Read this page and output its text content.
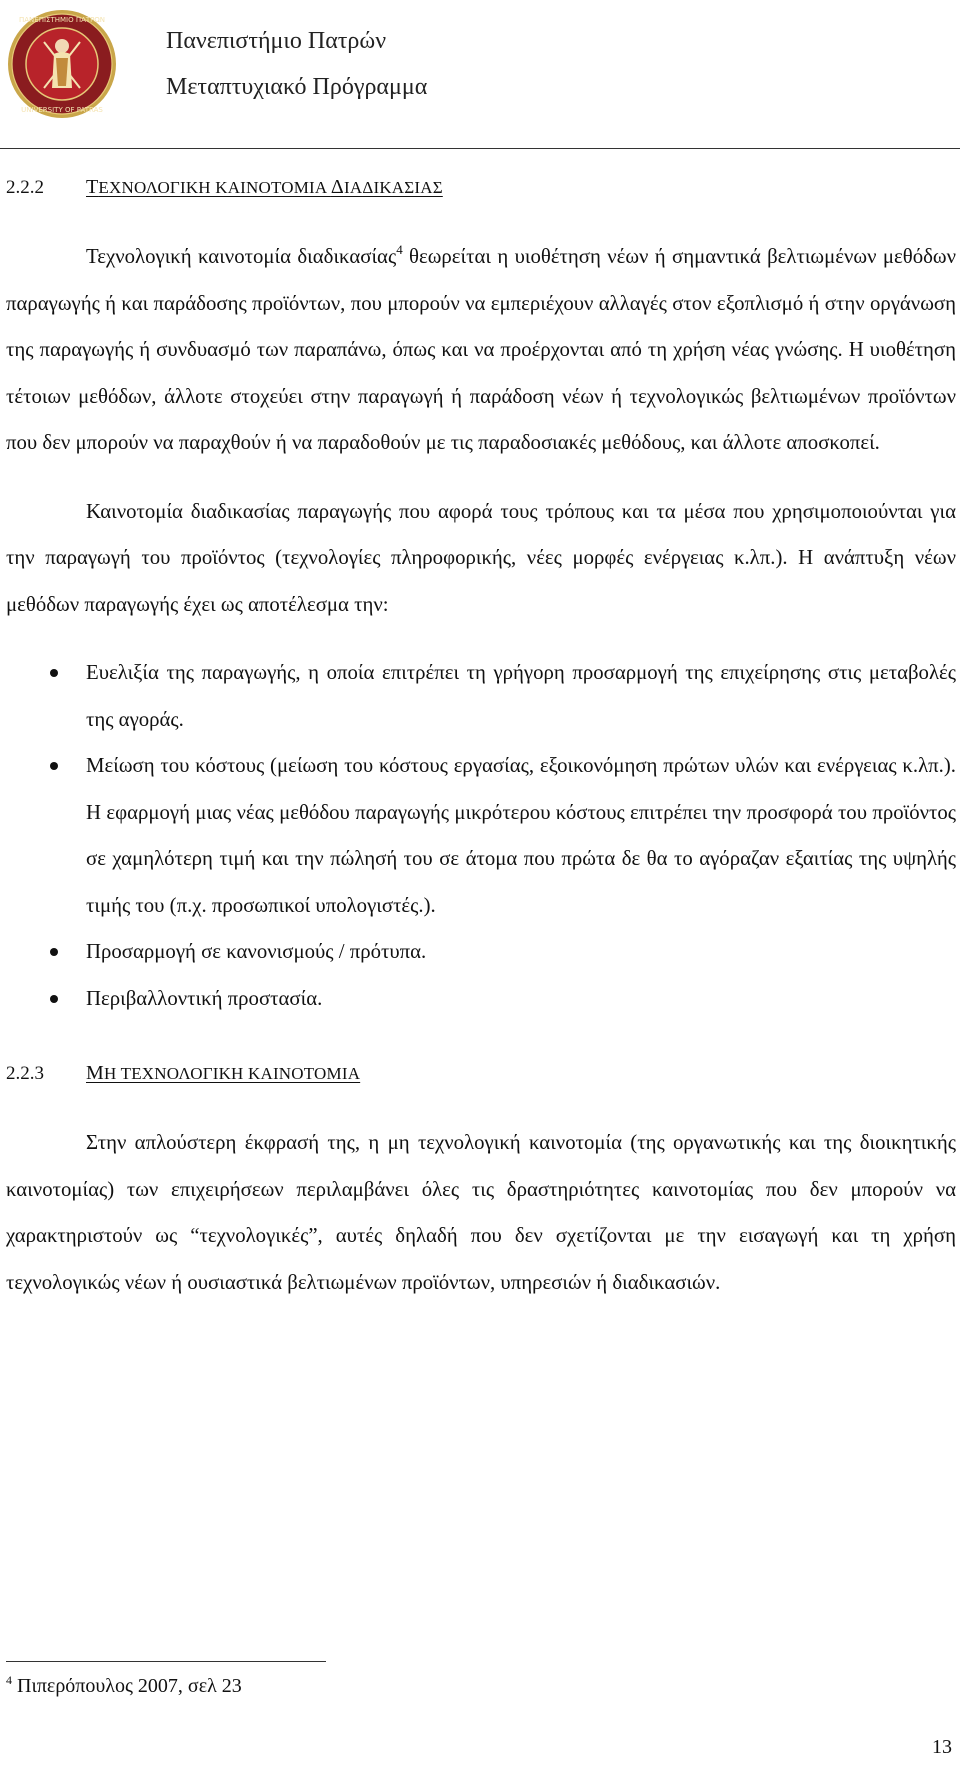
ΠΑΝΕΠΙΣΤΗΜΙΟ ΠΑΤΡΩΝ
UNIVERSITY OF PATRAS
Πανεπιστήμιο Πατρών
Μεταπτυχιακό Πρόγραμμα
2.2.2	ΤΕΧΝΟΛΟΓΙΚΗ ΚΑΙΝΟΤΟΜΙΑ ΔΙΑΔΙΚΑΣΙΑΣ

Τεχνολογική καινοτομία διαδικασίας$^4$ θεωρείται η υιοθέτηση νέων ή σημαντικά βελτιωμένων μεθόδων παραγωγής ή και παράδοσης προϊόντων, που μπορούν να εμπεριέχουν αλλαγές στον εξοπλισμό ή στην οργάνωση της παραγωγής ή συνδυασμό των παραπάνω, όπως και να προέρχονται από τη χρήση νέας γνώσης. Η υιοθέτηση τέτοιων μεθόδων, άλλοτε στοχεύει στην παραγωγή ή παράδοση νέων ή τεχνολογικώς βελτιωμένων προϊόντων που δεν μπορούν να παραχθούν ή να παραδοθούν με τις παραδοσιακές μεθόδους, και άλλοτε αποσκοπεί.

Καινοτομία διαδικασίας παραγωγής που αφορά τους τρόπους και τα μέσα που χρησιμοποιούνται για την παραγωγή του προϊόντος (τεχνολογίες πληροφορικής, νέες μορφές ενέργειας κ.λπ.). Η ανάπτυξη νέων μεθόδων παραγωγής έχει ως αποτέλεσμα την:

Ευελιξία της παραγωγής, η οποία επιτρέπει τη γρήγορη προσαρμογή της επιχείρησης στις μεταβολές της αγοράς.
Μείωση του κόστους (μείωση του κόστους εργασίας, εξοικονόμηση πρώτων υλών και ενέργειας κ.λπ.). Η εφαρμογή μιας νέας μεθόδου παραγωγής μικρότερου κόστους επιτρέπει την προσφορά του προϊόντος σε χαμηλότερη τιμή και την πώλησή του σε άτομα που πρώτα δε θα το αγόραζαν εξαιτίας της υψηλής τιμής του (π.χ. προσωπικοί υπολογιστές.).
Προσαρμογή σε κανονισμούς / πρότυπα.
Περιβαλλοντική προστασία.
2.2.3	ΜΗ ΤΕΧΝΟΛΟΓΙΚΗ ΚΑΙΝΟΤΟΜΙΑ

Στην απλούστερη έκφρασή της, η μη τεχνολογική καινοτομία (της οργανωτικής και της διοικητικής καινοτομίας) των επιχειρήσεων περιλαμβάνει όλες τις δραστηριότητες καινοτομίας που δεν μπορούν να χαρακτηριστούν ως “τεχνολογικές”, αυτές δηλαδή που δεν σχετίζονται με την εισαγωγή και τη χρήση τεχνολογικώς νέων ή ουσιαστικά βελτιωμένων προϊόντων, υπηρεσιών ή διαδικασιών.

$^4$ Πιπερόπουλος 2007, σελ 23
13
